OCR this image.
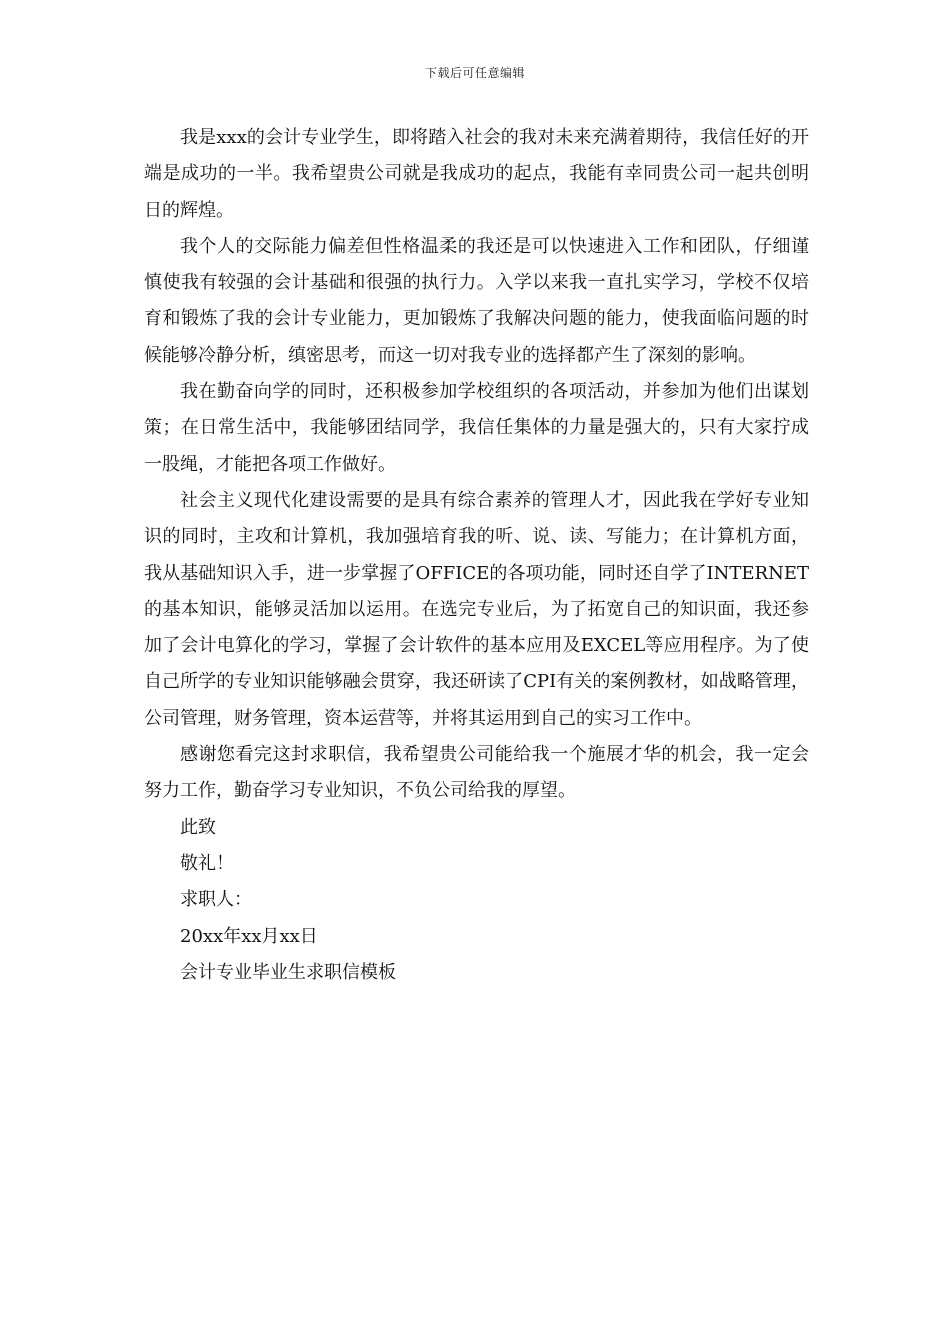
下载后可任意编辑

我是xxx的会计专业学生，即将踏入社会的我对未来充满着期待，我信任好的开端是成功的一半。我希望贵公司就是我成功的起点，我能有幸同贵公司一起共创明日的辉煌。

我个人的交际能力偏差但性格温柔的我还是可以快速进入工作和团队，仔细谨慎使我有较强的会计基础和很强的执行力。入学以来我一直扎实学习，学校不仅培育和锻炼了我的会计专业能力，更加锻炼了我解决问题的能力，使我面临问题的时候能够冷静分析，缜密思考，而这一切对我专业的选择都产生了深刻的影响。

我在勤奋向学的同时，还积极参加学校组织的各项活动，并参加为他们出谋划策；在日常生活中，我能够团结同学，我信任集体的力量是强大的，只有大家拧成一股绳，才能把各项工作做好。

社会主义现代化建设需要的是具有综合素养的管理人才，因此我在学好专业知识的同时，主攻和计算机，我加强培育我的听、说、读、写能力；在计算机方面，我从基础知识入手，进一步掌握了OFFICE的各项功能，同时还自学了INTERNET的基本知识，能够灵活加以运用。在选完专业后，为了拓宽自己的知识面，我还参加了会计电算化的学习，掌握了会计软件的基本应用及EXCEL等应用程序。为了使自己所学的专业知识能够融会贯穿，我还研读了CPI有关的案例教材，如战略管理，公司管理，财务管理，资本运营等，并将其运用到自己的实习工作中。

感谢您看完这封求职信，我希望贵公司能给我一个施展才华的机会，我一定会努力工作，勤奋学习专业知识，不负公司给我的厚望。

此致

敬礼！

求职人：

20xx年xx月xx日

会计专业毕业生求职信模板
